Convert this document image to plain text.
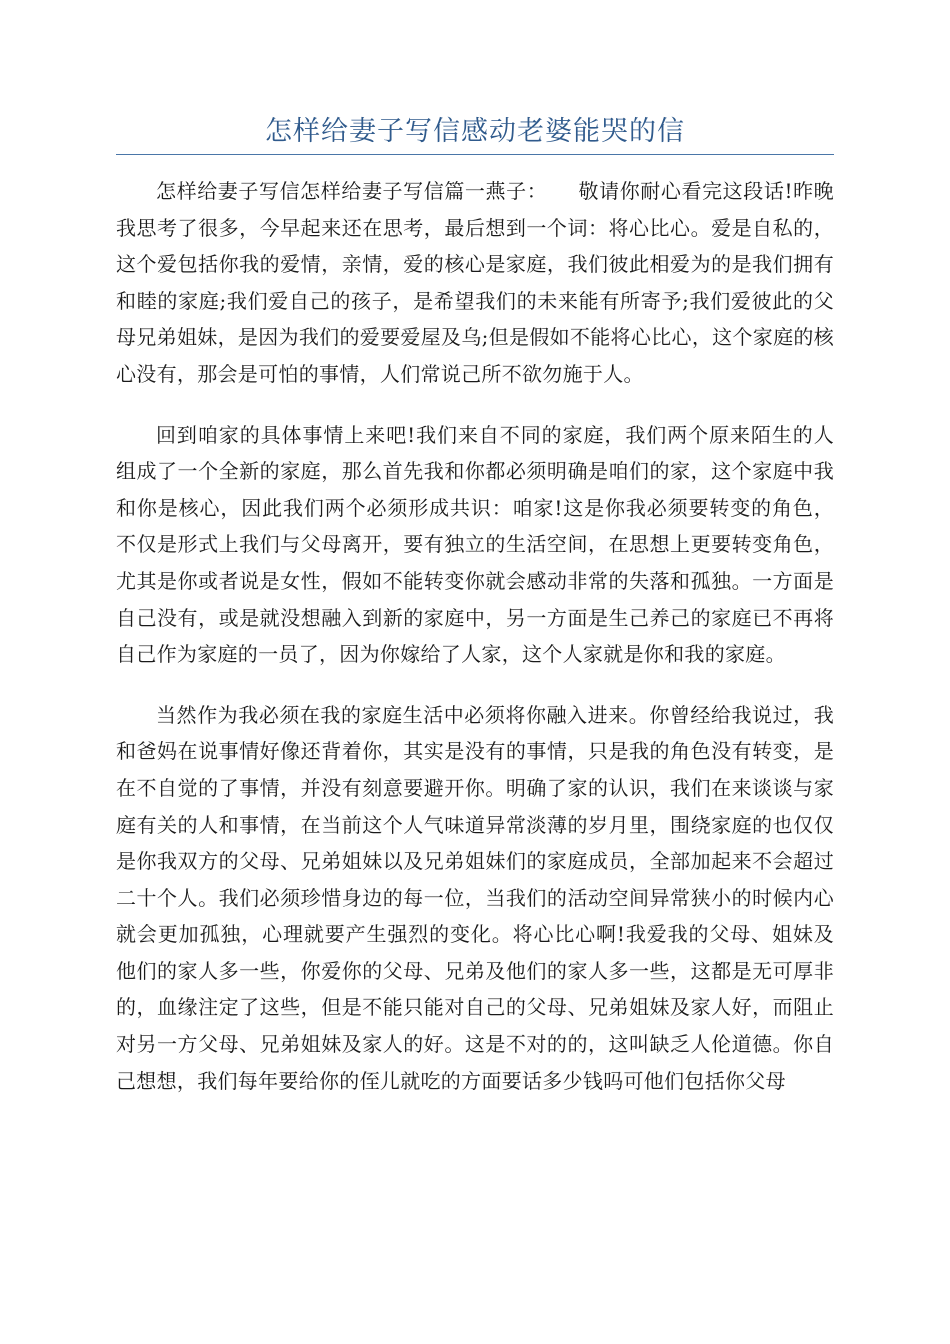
怎样给妻子写信感动老婆能哭的信

怎样给妻子写信怎样给妻子写信篇一燕子：　　敬请你耐心看完这段话!昨晚我思考了很多，今早起来还在思考，最后想到一个词：将心比心。爱是自私的，这个爱包括你我的爱情，亲情，爱的核心是家庭，我们彼此相爱为的是我们拥有和睦的家庭;我们爱自己的孩子，是希望我们的未来能有所寄予;我们爱彼此的父母兄弟姐妹，是因为我们的爱要爱屋及乌;但是假如不能将心比心，这个家庭的核心没有，那会是可怕的事情，人们常说己所不欲勿施于人。

回到咱家的具体事情上来吧!我们来自不同的家庭，我们两个原来陌生的人组成了一个全新的家庭，那么首先我和你都必须明确是咱们的家，这个家庭中我和你是核心，因此我们两个必须形成共识：咱家!这是你我必须要转变的角色，不仅是形式上我们与父母离开，要有独立的生活空间，在思想上更要转变角色，尤其是你或者说是女性，假如不能转变你就会感动非常的失落和孤独。一方面是自己没有，或是就没想融入到新的家庭中，另一方面是生己养己的家庭已不再将自己作为家庭的一员了，因为你嫁给了人家，这个人家就是你和我的家庭。

当然作为我必须在我的家庭生活中必须将你融入进来。你曾经给我说过，我和爸妈在说事情好像还背着你，其实是没有的事情，只是我的角色没有转变，是在不自觉的了事情，并没有刻意要避开你。明确了家的认识，我们在来谈谈与家庭有关的人和事情，在当前这个人气味道异常淡薄的岁月里，围绕家庭的也仅仅是你我双方的父母、兄弟姐妹以及兄弟姐妹们的家庭成员，全部加起来不会超过二十个人。我们必须珍惜身边的每一位，当我们的活动空间异常狭小的时候内心就会更加孤独，心理就要产生强烈的变化。将心比心啊!我爱我的父母、姐妹及他们的家人多一些，你爱你的父母、兄弟及他们的家人多一些，这都是无可厚非的，血缘注定了这些，但是不能只能对自己的父母、兄弟姐妹及家人好，而阻止对另一方父母、兄弟姐妹及家人的好。这是不对的的，这叫缺乏人伦道德。你自己想想，我们每年要给你的侄儿就吃的方面要话多少钱吗可他们包括你父母
